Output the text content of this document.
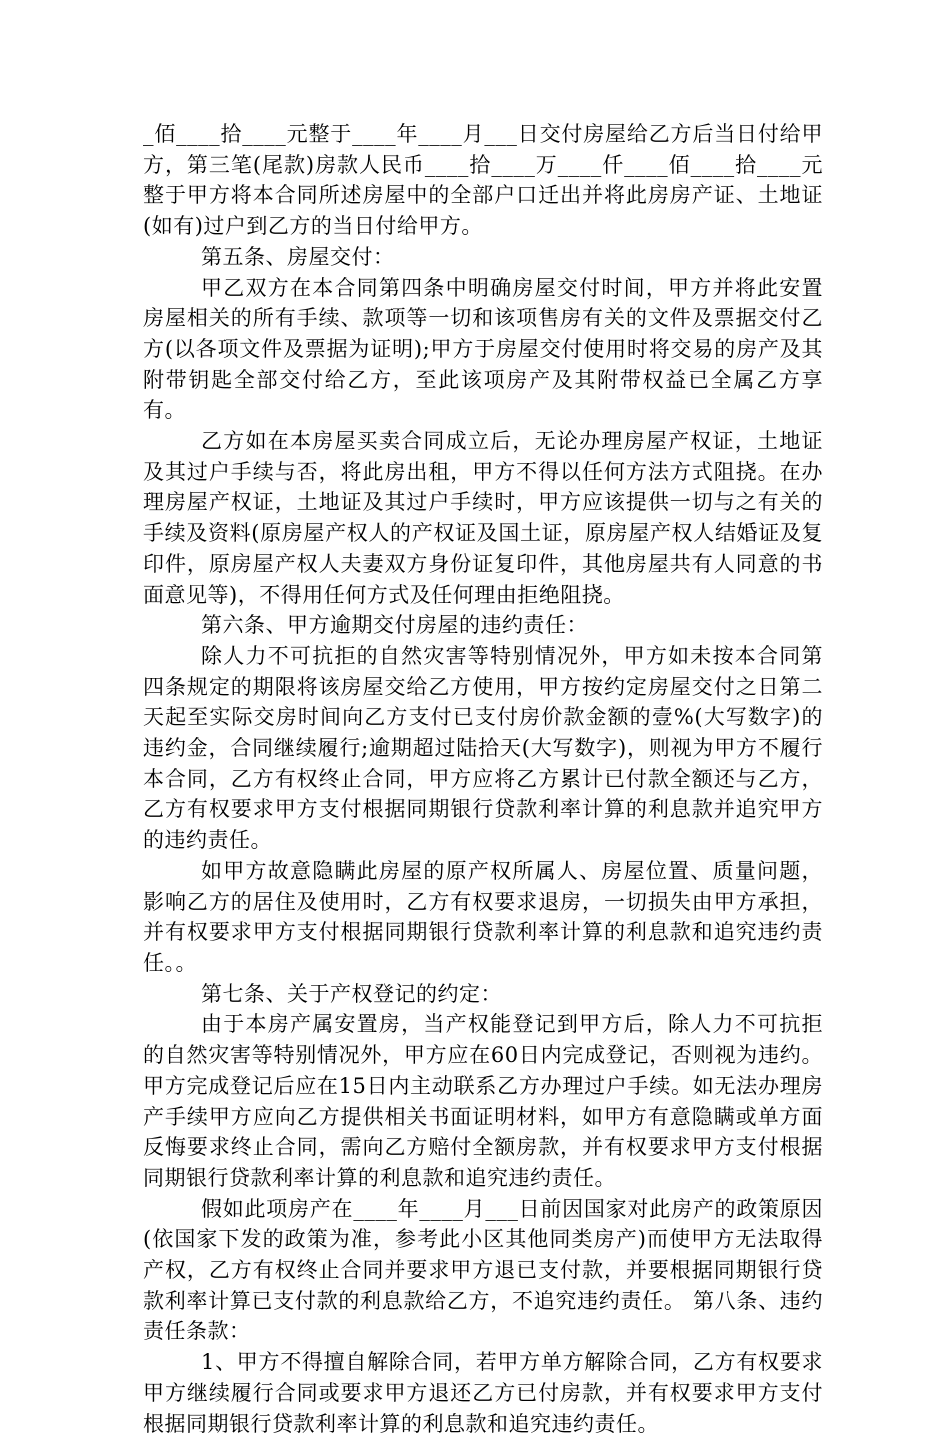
_佰____拾____元整于____年____月___日交付房屋给乙方后当日付给甲方，第三笔(尾款)房款人民币____拾____万____仟____佰____拾____元整于甲方将本合同所述房屋中的全部户口迁出并将此房房产证、土地证(如有)过户到乙方的当日付给甲方。

第五条、房屋交付：

甲乙双方在本合同第四条中明确房屋交付时间，甲方并将此安置房屋相关的所有手续、款项等一切和该项售房有关的文件及票据交付乙方(以各项文件及票据为证明);甲方于房屋交付使用时将交易的房产及其附带钥匙全部交付给乙方，至此该项房产及其附带权益已全属乙方享有。

乙方如在本房屋买卖合同成立后，无论办理房屋产权证，土地证及其过户手续与否，将此房出租，甲方不得以任何方法方式阻挠。在办理房屋产权证，土地证及其过户手续时，甲方应该提供一切与之有关的手续及资料(原房屋产权人的产权证及国土证，原房屋产权人结婚证及复印件，原房屋产权人夫妻双方身份证复印件，其他房屋共有人同意的书面意见等)，不得用任何方式及任何理由拒绝阻挠。

第六条、甲方逾期交付房屋的违约责任：

除人力不可抗拒的自然灾害等特别情况外，甲方如未按本合同第四条规定的期限将该房屋交给乙方使用，甲方按约定房屋交付之日第二天起至实际交房时间向乙方支付已支付房价款金额的壹%(大写数字)的违约金，合同继续履行;逾期超过陆拾天(大写数字)，则视为甲方不履行本合同，乙方有权终止合同，甲方应将乙方累计已付款全额还与乙方，乙方有权要求甲方支付根据同期银行贷款利率计算的利息款并追究甲方的违约责任。

如甲方故意隐瞒此房屋的原产权所属人、房屋位置、质量问题，影响乙方的居住及使用时，乙方有权要求退房，一切损失由甲方承担，并有权要求甲方支付根据同期银行贷款利率计算的利息款和追究违约责任。。

第七条、关于产权登记的约定：

由于本房产属安置房，当产权能登记到甲方后，除人力不可抗拒的自然灾害等特别情况外，甲方应在60日内完成登记，否则视为违约。甲方完成登记后应在15日内主动联系乙方办理过户手续。如无法办理房产手续甲方应向乙方提供相关书面证明材料，如甲方有意隐瞒或单方面反悔要求终止合同，需向乙方赔付全额房款，并有权要求甲方支付根据同期银行贷款利率计算的利息款和追究违约责任。

假如此项房产在____年____月___日前因国家对此房产的政策原因(依国家下发的政策为准，参考此小区其他同类房产)而使甲方无法取得产权，乙方有权终止合同并要求甲方退已支付款，并要根据同期银行贷款利率计算已支付款的利息款给乙方，不追究违约责任。 第八条、违约责任条款：

1、甲方不得擅自解除合同，若甲方单方解除合同，乙方有权要求甲方继续履行合同或要求甲方退还乙方已付房款，并有权要求甲方支付根据同期银行贷款利率计算的利息款和追究违约责任。
